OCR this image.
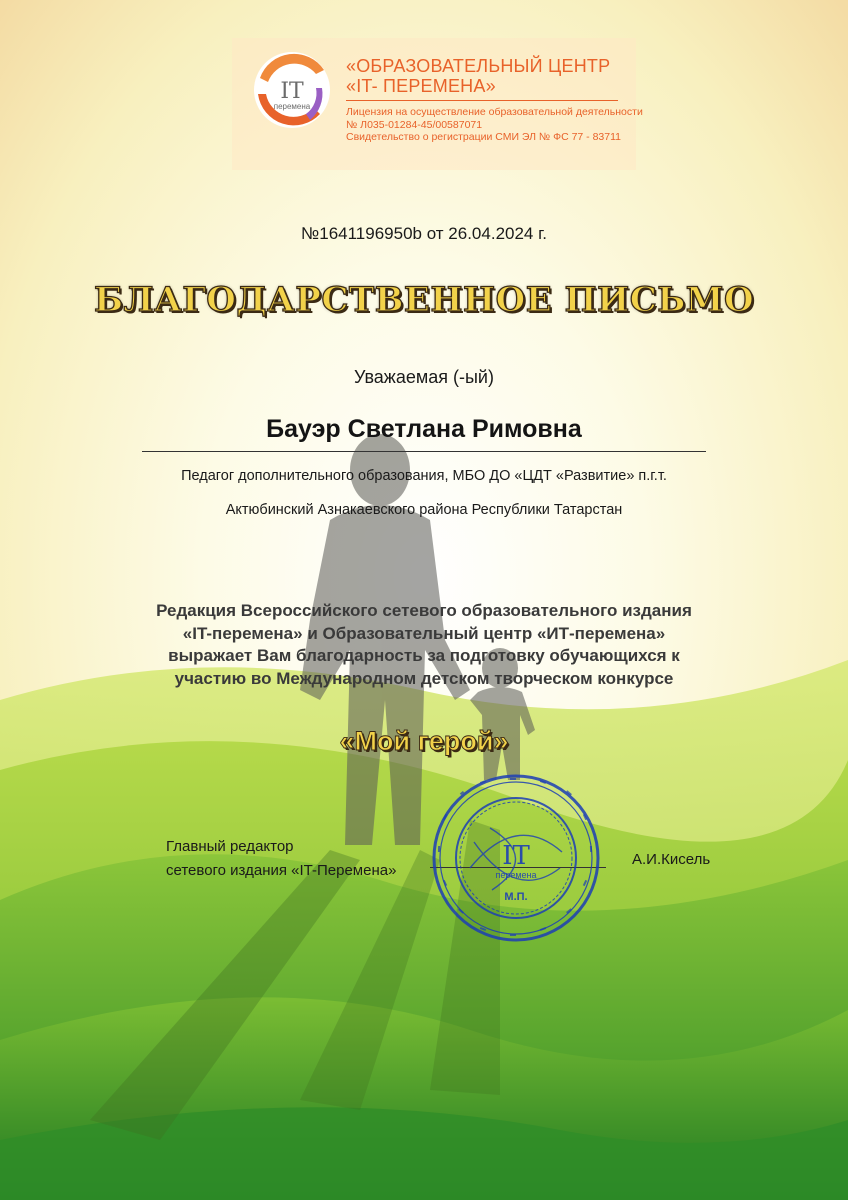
IT
перемена
«ОБРАЗОВАТЕЛЬНЫЙ ЦЕНТР
«IT- ПЕРЕМЕНА»
Лицензия на осуществление образовательной деятельности
№ Л035-01284-45/00587071
Свидетельство о регистрации СМИ ЭЛ № ФС 77 - 83711
№1641196950b от 26.04.2024 г.
БЛАГОДАРСТВЕННОЕ ПИСЬМО
Уважаемая (-ый)
Бауэр Светлана Римовна
Педагог дополнительного образования, МБО ДО «ЦДТ «Развитие» п.г.т.
Актюбинский Азнакаевского района Республики Татарстан
Редакция Всероссийского сетевого образовательного издания
«IT-перемена» и Образовательный центр «ИТ-перемена»
выражает Вам благодарность за подготовку обучающихся к
участию во Международном детском творческом конкурсе
«Мой герой»
Главный редактор
сетевого издания «IT-Перемена»
А.И.Кисель
IT
перемена
М.П.
